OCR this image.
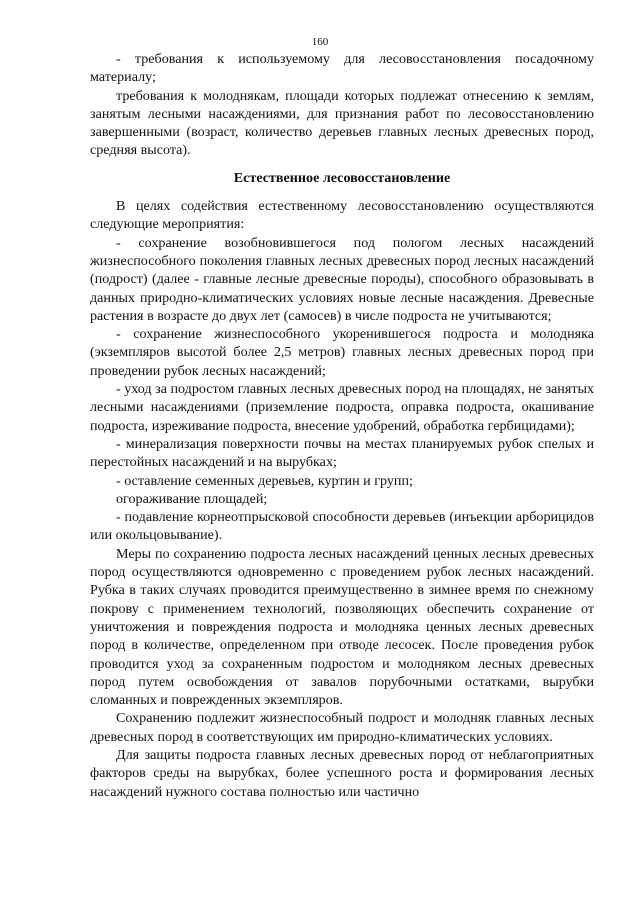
160

- требования к используемому для лесовосстановления посадочному материалу;

требования к молоднякам, площади которых подлежат отнесению к землям, занятым лесными насаждениями, для признания работ по лесовосстановлению завершенными (возраст, количество деревьев главных лесных древесных пород, средняя высота).

Естественное лесовосстановление

В целях содействия естественному лесовосстановлению осуществляются следующие мероприятия:

- сохранение возобновившегося под пологом лесных насаждений жизнеспособного поколения главных лесных древесных пород лесных насаждений (подрост) (далее - главные лесные древесные породы), способного образовывать в данных природно-климатических условиях новые лесные насаждения. Древесные растения в возрасте до двух лет (самосев) в числе подроста не учитываются;

- сохранение жизнеспособного укоренившегося подроста и молодняка (экземпляров высотой более 2,5 метров) главных лесных древесных пород при проведении рубок лесных насаждений;

- уход за подростом главных лесных древесных пород на площадях, не занятых лесными насаждениями (приземление подроста, оправка подроста, окашивание подроста, изреживание подроста, внесение удобрений, обработка гербицидами);

- минерализация поверхности почвы на местах планируемых рубок спелых и перестойных насаждений и на вырубках;

- оставление семенных деревьев, куртин и групп;

огораживание площадей;

- подавление корнеотпрысковой способности деревьев (инъекции арборицидов или окольцовывание).

Меры по сохранению подроста лесных насаждений ценных лесных древесных пород осуществляются одновременно с проведением рубок лесных насаждений. Рубка в таких случаях проводится преимущественно в зимнее время по снежному покрову с применением технологий, позволяющих обеспечить сохранение от уничтожения и повреждения подроста и молодняка ценных лесных древесных пород в количестве, определенном при отводе лесосек. После проведения рубок проводится уход за сохраненным подростом и молодняком лесных древесных пород путем освобождения от завалов порубочными остатками, вырубки сломанных и поврежденных экземпляров.

Сохранению подлежит жизнеспособный подрост и молодняк главных лесных древесных пород в соответствующих им природно-климатических условиях.

Для защиты подроста главных лесных древесных пород от неблагоприятных факторов среды на вырубках, более успешного роста и формирования лесных насаждений нужного состава полностью или частично
